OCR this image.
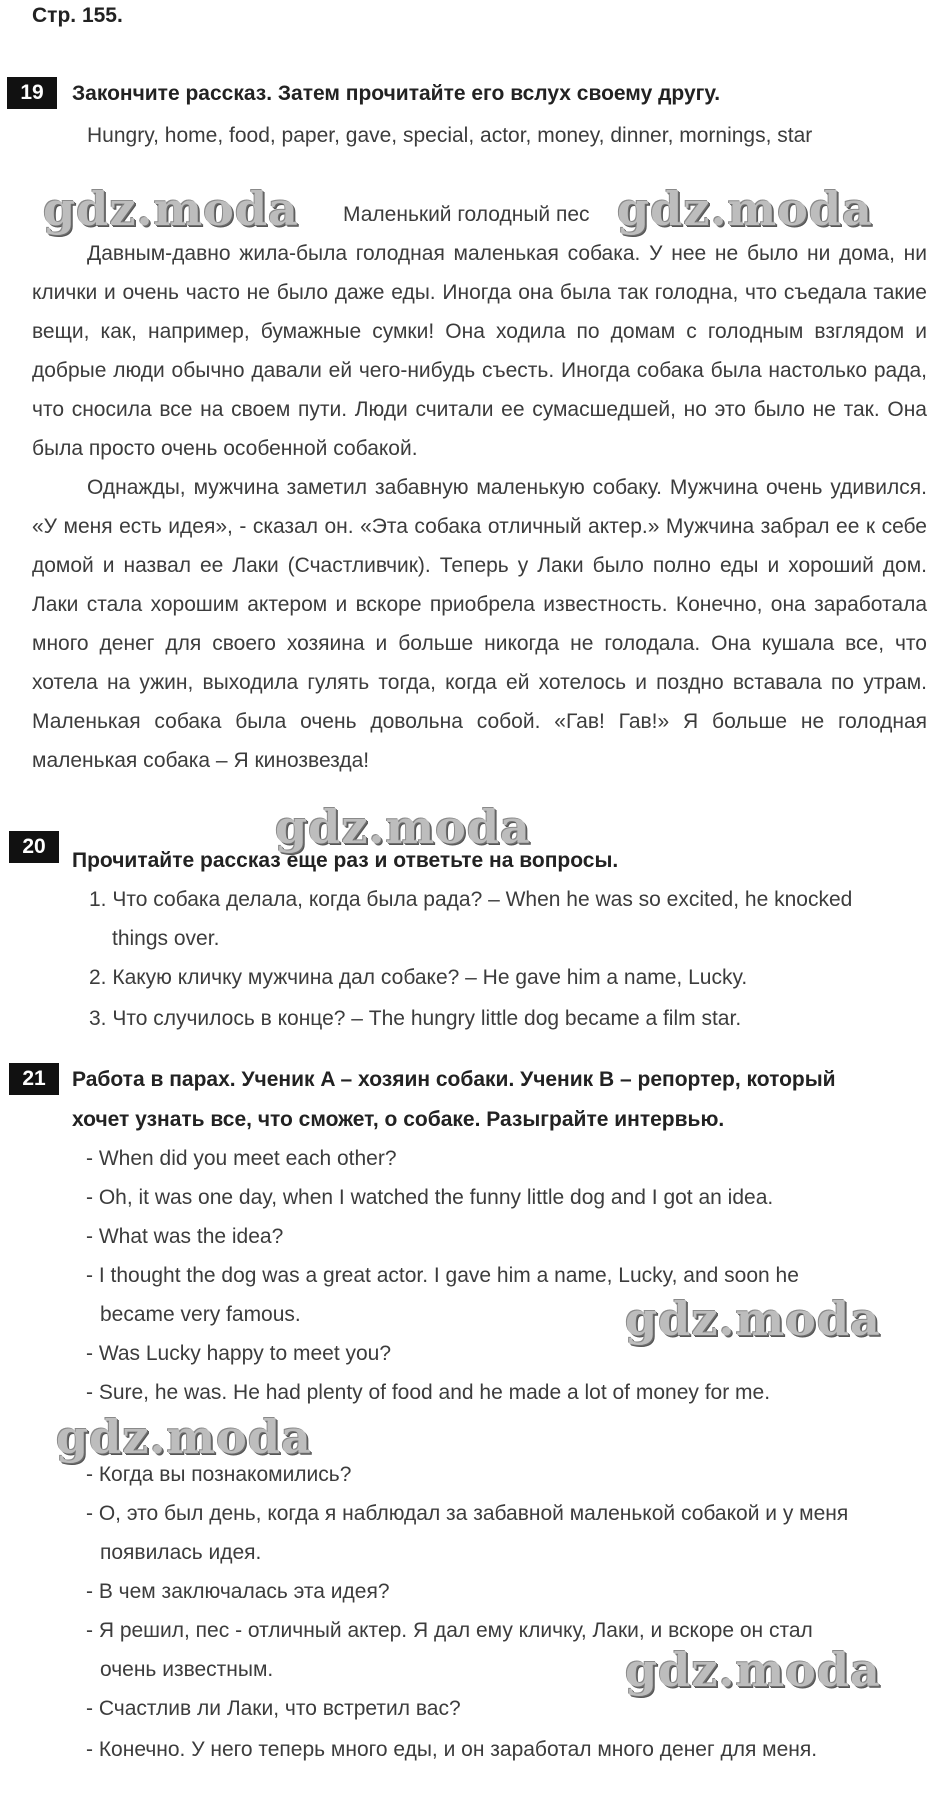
Стр. 155.
19	Закончите рассказ. Затем прочитайте его вслух своему другу.
Hungry, home, food, paper, gave, special, actor, money, dinner, mornings, star
gdz.moda Маленький голодный пес gdz.moda

Давным-давно жила-была голодная маленькая собака. У нее не было ни дома, ни клички и очень часто не было даже еды. Иногда она была так голодна, что съедала такие вещи, как, например, бумажные сумки! Она ходила по домам с голодным взглядом и добрые люди обычно давали ей чего-нибудь съесть. Иногда собака была настолько рада, что сносила все на своем пути. Люди считали ее сумасшедшей, но это было не так. Она была просто очень особенной собакой.

Однажды, мужчина заметил забавную маленькую собаку. Мужчина очень удивился. «У меня есть идея», - сказал он. «Эта собака отличный актер.» Мужчина забрал ее к себе домой и назвал ее Лаки (Счастливчик). Теперь у Лаки было полно еды и хороший дом. Лаки стала хорошим актером и вскоре приобрела известность. Конечно, она заработала много денег для своего хозяина и больше никогда не голодала. Она кушала все, что хотела на ужин, выходила гулять тогда, когда ей хотелось и поздно вставала по утрам. Маленькая собака была очень довольна собой. «Гав! Гав!» Я больше не голодная маленькая собака – Я кинозвезда!

gdz.moda
20
Прочитайте рассказ еще раз и ответьте на вопросы.
1. Что собака делала, когда была рада? – When he was so excited, he knocked
things over.
2. Какую кличку мужчина дал собаке? – He gave him a name, Lucky.
3. Что случилось в конце? – The hungry little dog became a film star.
21	Работа в парах. Ученик A – хозяин собаки. Ученик B – репортер, который
хочет узнать все, что сможет, о собаке. Разыграйте интервью.
- When did you meet each other?
- Oh, it was one day, when I watched the funny little dog and I got an idea.
- What was the idea?
- I thought the dog was a great actor. I gave him a name, Lucky, and soon he
became very famous.
- Was Lucky happy to meet you?
- Sure, he was. He had plenty of food and he made a lot of money for me.
gdz.moda
gdz.moda
- Когда вы познакомились?
- О, это был день, когда я наблюдал за забавной маленькой собакой и у меня
появилась идея.
- В чем заключалась эта идея?
- Я решил, пес - отличный актер. Я дал ему кличку, Лаки, и вскоре он стал
очень известным.
- Счастлив ли Лаки, что встретил вас?
- Конечно. У него теперь много еды, и он заработал много денег для меня.
gdz.moda
